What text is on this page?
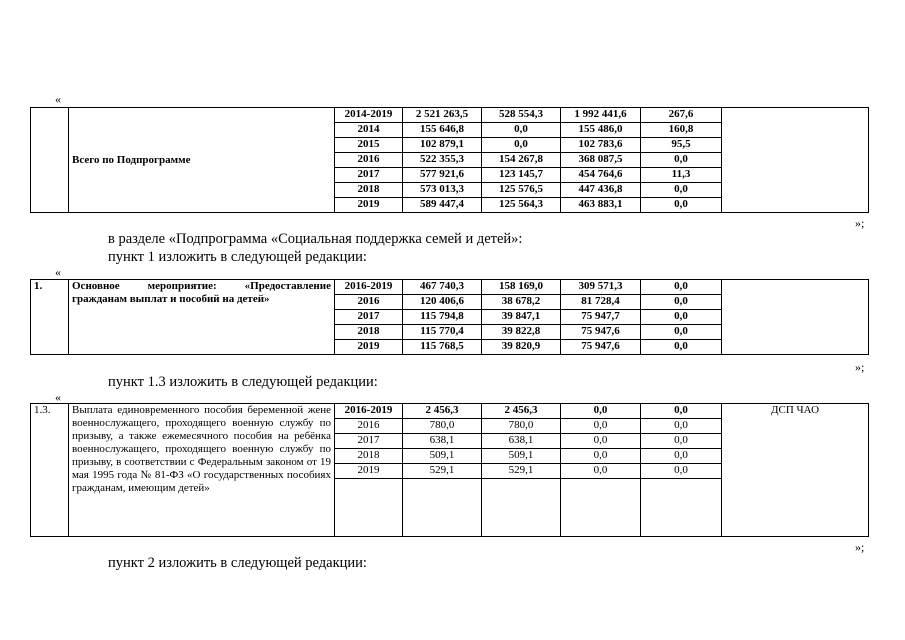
«
	Всего по Подпрограмме	2014-2019	2 521 263,5	528 554,3	1 992 441,6	267,6	
		2014	155 646,8	0,0	155 486,0	160,8	
		2015	102 879,1	0,0	102 783,6	95,5	
		2016	522 355,3	154 267,8	368 087,5	0,0	
		2017	577 921,6	123 145,7	454 764,6	11,3	
		2018	573 013,3	125 576,5	447 436,8	0,0	
		2019	589 447,4	125 564,3	463 883,1	0,0	
»;
в разделе «Подпрограмма «Социальная поддержка семей и детей»:
пункт 1 изложить в следующей редакции:
«
1.	Основное мероприятие: «Предоставление гражданам выплат и пособий на детей»	2016-2019	467 740,3	158 169,0	309 571,3	0,0	
		2016	120 406,6	38 678,2	81 728,4	0,0	
		2017	115 794,8	39 847,1	75 947,7	0,0	
		2018	115 770,4	39 822,8	75 947,6	0,0	
		2019	115 768,5	39 820,9	75 947,6	0,0	
»;
пункт 1.3 изложить в следующей редакции:
«
1.3.	Выплата единовременного пособия беременной жене военнослужащего, проходящего военную службу по призыву, а также ежемесячного пособия на ребёнка военнослужащего, проходящего военную службу по призыву, в соответствии с Федеральным законом от 19 мая 1995 года № 81-ФЗ «О государственных пособиях гражданам, имеющим детей»	2016-2019	2 456,3	2 456,3	0,0	0,0	ДСП ЧАО
		2016	780,0	780,0	0,0	0,0	
		2017	638,1	638,1	0,0	0,0	
		2018	509,1	509,1	0,0	0,0	
		2019	529,1	529,1	0,0	0,0	

»;
пункт 2 изложить в следующей редакции:
